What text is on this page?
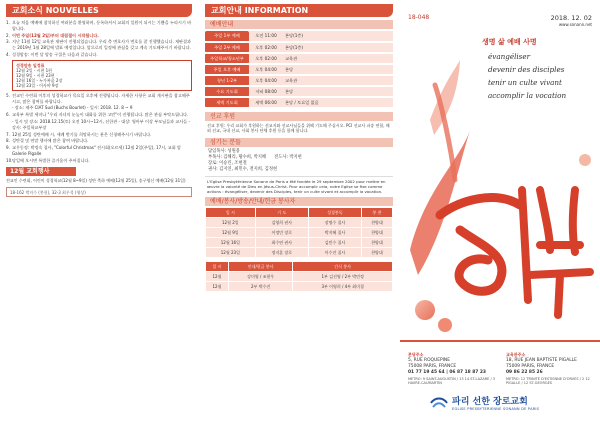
교회소식 NOUVELLES
1. 오늘 처음 예배에 참석하신 여러분을 환영하며, 등록하셔서 교회의 일원이 되시는 기쁨을 누리시기 바랍니다.
2. 이번 주일(12월 2일)부터 대림절이 시작됩니다.
3. 지난 11월 12일 교육관 재판이 진행되었습니다. 우리 측 변호사가 변호를 잘 진행했습니다. 재판결과는 2019년 1월 28일에 발표 예정입니다. 앞으로의 일정에 관심을 갖고 계속 기도해주시기 바랍니다.
4. 성경암송: 이번 달 암송 구절은 다음과 같습니다.
성경암송 일정표
12월 2일 - 시편 1편
12월 9일 - 시편 23편
12월 16일 - 누가복음 2장
12월 23일 - 이사야 9장
5. 전교인 수련회 이후의 성경학교가 목요일 오후에 진행됩니다. 자세한 사항은 교회 게시판을 참고해주시고, 많은 참여를 바랍니다.
- 장소: 제주 CIAT Sud (Buchs Bourlet) - 일시: 2018. 12. 8 ~ 9
6. 교육부 특별 세미나 "우리 자녀의 눈높이 대화를 위한 고민"이 진행됩니다. 많은 관심 부탁드립니다.
- 일시 및 장소: 2018.12.15(토) 오전 10시~12시, 선한관 - 대상: 영아부 이상 부모님들과 교사들 - 강사: 주일학교부장
7. 12월 25일 성탄예배 시, 세례 받기를 희망하시는 분은 신청해주시기 바랍니다.
8. 성탄절 및 연말 행사에 많은 참여 바랍니다.
9. 교우동정: 박정숙 집사, "Colorful Christmas" 전시회(오르세) 12월 2일(주일), 17시, 교회 앞 Galerie Pigalle
10. 당일에 오시면 특별한 즐거움이 주어집니다.
12월 교회행사
전교인 수련회, 어린이 성경학교(12월 8~9일) 성탄 축하 예배(12월 25일), 송구영신 예배(12월 31일)
18-162 박지수 (봉헌), 32-3 최우석 (영상)
교회안내 INFORMATION
예배안내
주일 1부 예배	오전 11:00	본당(1층)
주일 2부 예배	오후 02:00	본당(1층)
주일학교/청소년부	오후 02:00	교육관
주일 오후 예배	오후 04:00	본당
청년 1·2부	오후 04:00	교육관
수요 기도회	저녁 08:00	본당
새벽 기도회	새벽 06:00	본당 / 토요일 없음
선교 후원
선교 후원: 우리 교회가 후원하는 선교지와 선교사님들을 위해 기도해 주십시오. PCI 선교사 파송 연합, 해외 선교, 국내 선교, 사회 봉사 단체 후원 등을 함께 합니다.
섬기는 분들
담임목사: 성원용
부목사: 김해리, 황수희, 박지혜 전도사: 박지현
장로: 이승린, 조현철
권사: 김지연, 최민수, 전지희, 김정현
L'Eglise Presbytérienne Sonann de Paris a été fondée le 29 septembre 2002 pour mettre en œuvre la volonté de Dieu en Jésus-Christ. Pour accomplir cela, notre Eglise se fixe comme actions : évangéliser, devenir des Disciples, tenir un culte vivant et accomplir la vocation.
예배/봉사/방송/안내/헌금 봉사자
일 시	기 도	성경봉독	봉 찬
12월 2일	김영희 권사	장명수 집사	찬양대
12월 9일	이정민 장로	박지혜 집사	찬양대
12월 16일	최수연 권사	김민수 집사	찬양대
12월 23일	정지훈 장로	이수진 집사	찬양대
일 시	안내/헌금 봉사	간식 봉사
12월	강미영 / 조현우	1부 김선영 / 2부 박민정
12월	2부 박수진	3부 이영희 / 4부 최미경
18-048	2018. 12. 02
www.sonann.net
생명 삶 예배 사명
évangéliser
devenir des disciples
tenir un culte vivant
accomplir la vocation
본당주소
5, RUE ROQUEPINE
75008 PARIS, FRANCE
01 77 19 45 64 | 06 87 18 87 23
METRO: 9 SAINT-AUGUSTIN / 13 14 ST-LAZARE / 3 HAVRE-CAUMARTIN
교육관주소
18, RUE JEAN BAPTISTE PIGALLE
75009 PARIS, FRANCE
09 86 22 85 26
METRO: 12 TRINITÉ D'ESTIENNE D'ORVES / 2 12 PIGALLE / 12 ST-GEORGES
파리 선한 장로교회
EGLISE PRESBYTERIENNE SONANN DE PARIS
